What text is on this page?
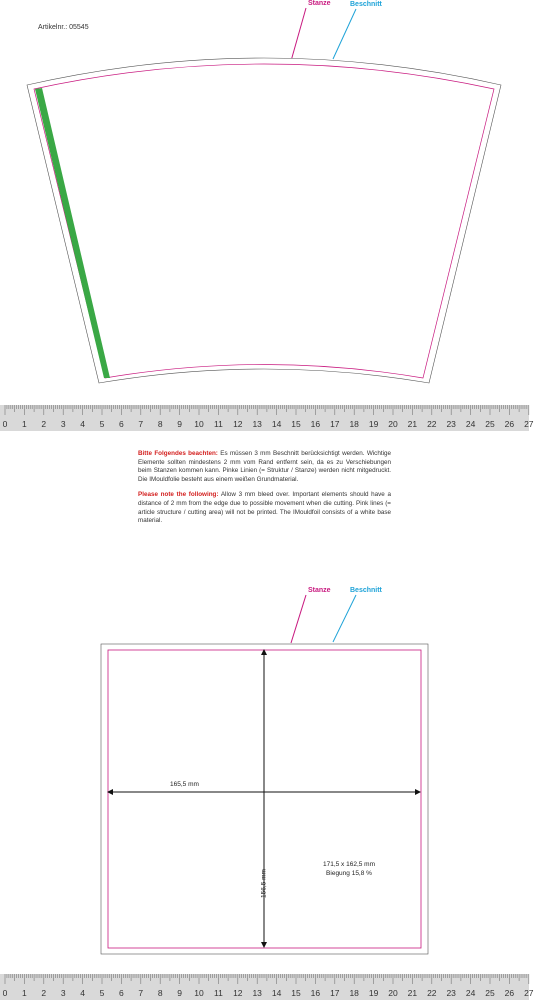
Artikelnr.: 05545
Stanze	Beschnitt
0 1 2 3 4 5 6 7 8 9 10 11 12 13 14 15 16 17 18 19 20 21 22 23 24 25 26 27

Bitte Folgendes beachten: Es müssen 3 mm Beschnitt berücksichtigt werden. Wichtige Elemente sollten mindestens 2 mm vom Rand entfernt sein, da es zu Verschiebungen beim Stanzen kommen kann. Pinke Linien (= Struktur / Stanze) werden nicht mitgedruckt. Die IMouldfolie besteht aus einem weißen Grundmaterial.

Please note the following: Allow 3 mm bleed over. Important elements should have a distance of 2 mm from the edge due to possible movement when die cutting. Pink lines (= article structure / cutting area) will not be printed. The IMouldfoil consists of a white base material.

Stanze	Beschnitt
165,5 mm
156,5 mm
171,5 x 162,5 mm
Biegung 15,8 %
0 1 2 3 4 5 6 7 8 9 10 11 12 13 14 15 16 17 18 19 20 21 22 23 24 25 26 27
